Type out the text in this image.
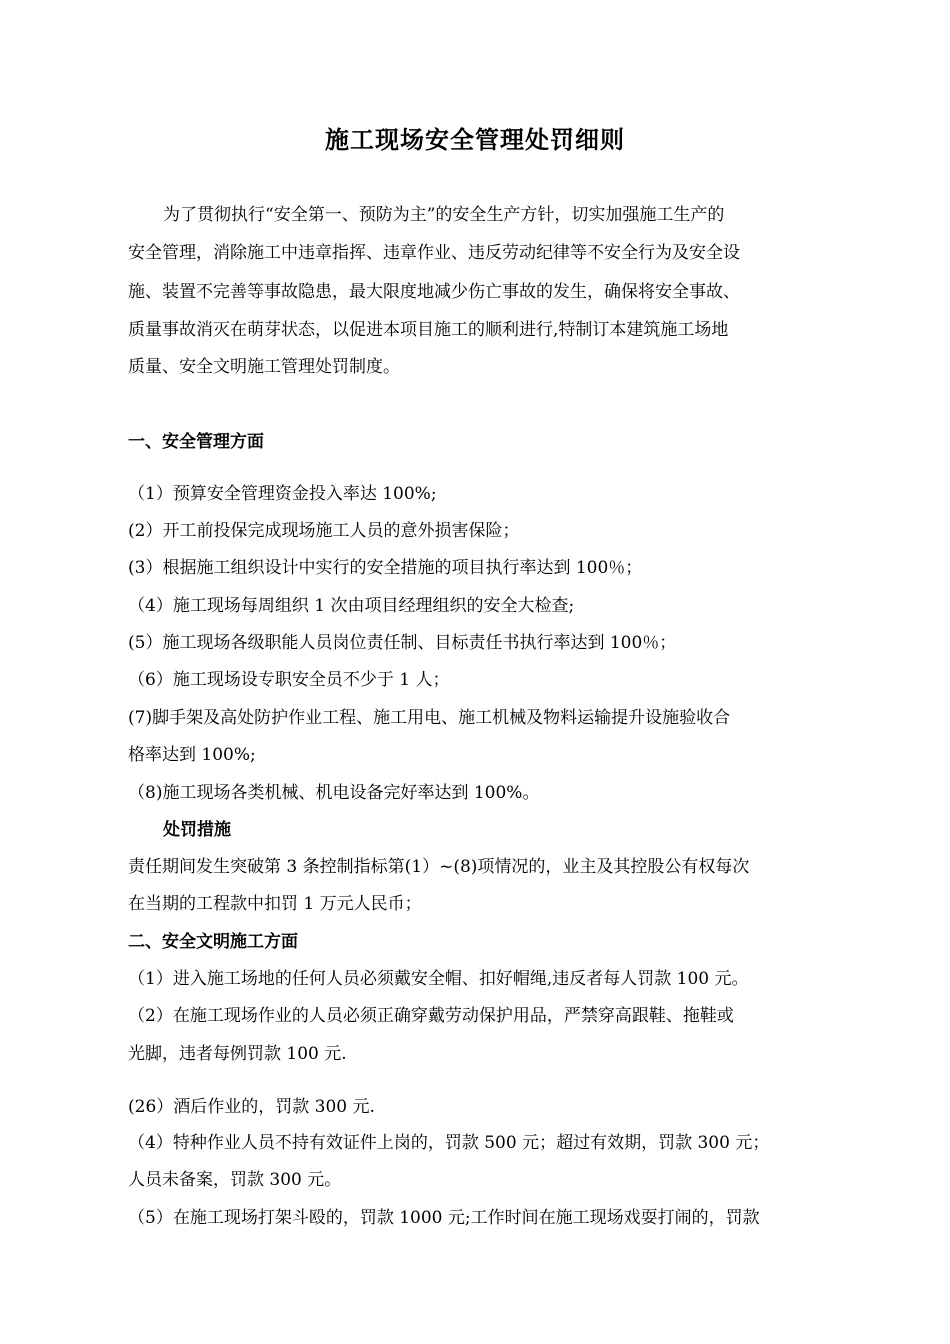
施工现场安全管理处罚细则
为了贯彻执行“安全第一、预防为主”的安全生产方针，切实加强施工生产的
安全管理，消除施工中违章指挥、违章作业、违反劳动纪律等不安全行为及安全设
施、装置不完善等事故隐患，最大限度地减少伤亡事故的发生，确保将安全事故、
质量事故消灭在萌芽状态，以促进本项目施工的顺利进行,特制订本建筑施工场地
质量、安全文明施工管理处罚制度。
一、安全管理方面
（1）预算安全管理资金投入率达 100%;
(2）开工前投保完成现场施工人员的意外损害保险；
(3）根据施工组织设计中实行的安全措施的项目执行率达到 100％；
（4）施工现场每周组织 1 次由项目经理组织的安全大检查;
(5）施工现场各级职能人员岗位责任制、目标责任书执行率达到 100％；
（6）施工现场设专职安全员不少于 1 人；
(7)脚手架及高处防护作业工程、施工用电、施工机械及物料运输提升设施验收合
格率达到 100%;
（8)施工现场各类机械、机电设备完好率达到 100%。
处罚措施
责任期间发生突破第 3 条控制指标第(1）~(8)项情况的，业主及其控股公有权每次
在当期的工程款中扣罚 1 万元人民币；
二、安全文明施工方面
（1）进入施工场地的任何人员必须戴安全帽、扣好帽绳,违反者每人罚款 100 元。
（2）在施工现场作业的人员必须正确穿戴劳动保护用品，严禁穿高跟鞋、拖鞋或
光脚，违者每例罚款 100 元.
(26）酒后作业的，罚款 300 元.
（4）特种作业人员不持有效证件上岗的，罚款 500 元；超过有效期，罚款 300 元；
人员未备案，罚款 300 元。
（5）在施工现场打架斗殴的，罚款 1000 元;工作时间在施工现场戏耍打闹的，罚款
